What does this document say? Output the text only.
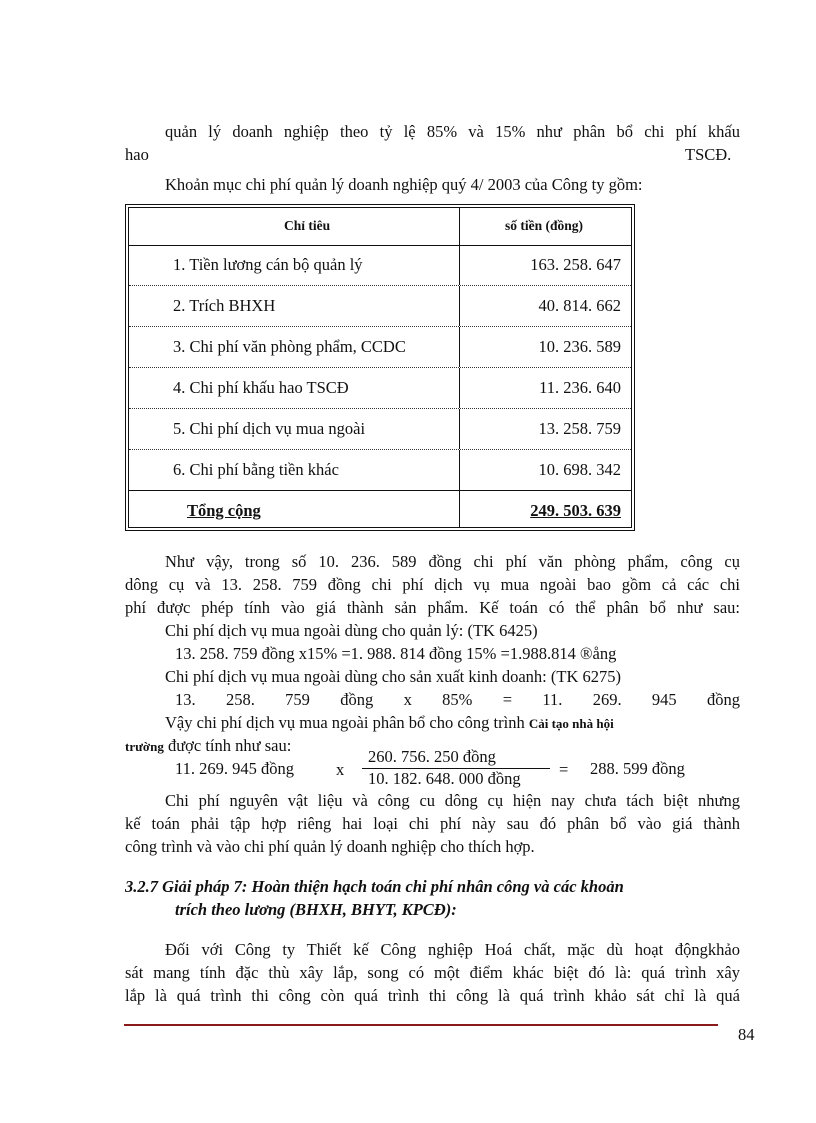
quản lý doanh nghiệp theo tỷ lệ 85% và 15% như phân bổ chi phí khấu
hao	TSCĐ.
Khoản mục chi phí quản lý doanh nghiệp quý 4/ 2003 của Công ty gồm:
Chỉ tiêu	số tiền (đồng)
1. Tiền lương cán bộ quản lý	163. 258. 647
2. Trích BHXH	40. 814. 662
3. Chi phí văn phòng phẩm, CCDC	10. 236. 589
4. Chi phí khấu hao TSCĐ	11. 236. 640
5. Chi phí dịch vụ mua ngoài	13. 258. 759
6. Chi phí bằng tiền khác	10. 698. 342
Tổng cộng	249. 503. 639
Như vậy, trong số 10. 236. 589 đồng chi phí văn phòng phẩm, công cụ
dông cụ và 13. 258. 759 đồng chi phí dịch vụ mua ngoài bao gồm cả các chi
phí được phép tính vào giá thành sản phẩm. Kế toán có thể phân bổ như sau:
Chi phí dịch vụ mua ngoài dùng cho quản lý: (TK 6425)
13. 258. 759 đồng x15% =1. 988. 814 đồng 15% =1.988.814 ®ång
Chi phí dịch vụ mua ngoài dùng cho sản xuất kinh doanh: (TK 6275)
13. 258. 759 đồng x 85% = 11. 269. 945 đồng
Vậy chi phí dịch vụ mua ngoài phân bổ cho công trình Cải tạo nhà hội
trường được tính như sau:
11. 269. 945 đồng	x
260. 756. 250 đồng
10. 182. 648. 000 đồng = 288. 599 đồng
Chi phí nguyên vật liệu và công cu dông cụ hiện nay chưa tách biệt nhưng
kế toán phải tập hợp riêng hai loại chi phí này sau đó phân bổ vào giá thành
công trình và vào chi phí quản lý doanh nghiệp cho thích hợp.
3.2.7 Giải pháp 7: Hoàn thiện hạch toán chi phí nhân công và các khoản
trích theo lương (BHXH, BHYT, KPCĐ):
Đối với Công ty Thiết kế Công nghiệp Hoá chất, mặc dù hoạt độngkhảo
sát mang tính đặc thù xây lắp, song có một điểm khác biệt đó là: quá trình xây
lắp là quá trình thi công còn quá trình thi công là quá trình khảo sát chỉ là quá
84
